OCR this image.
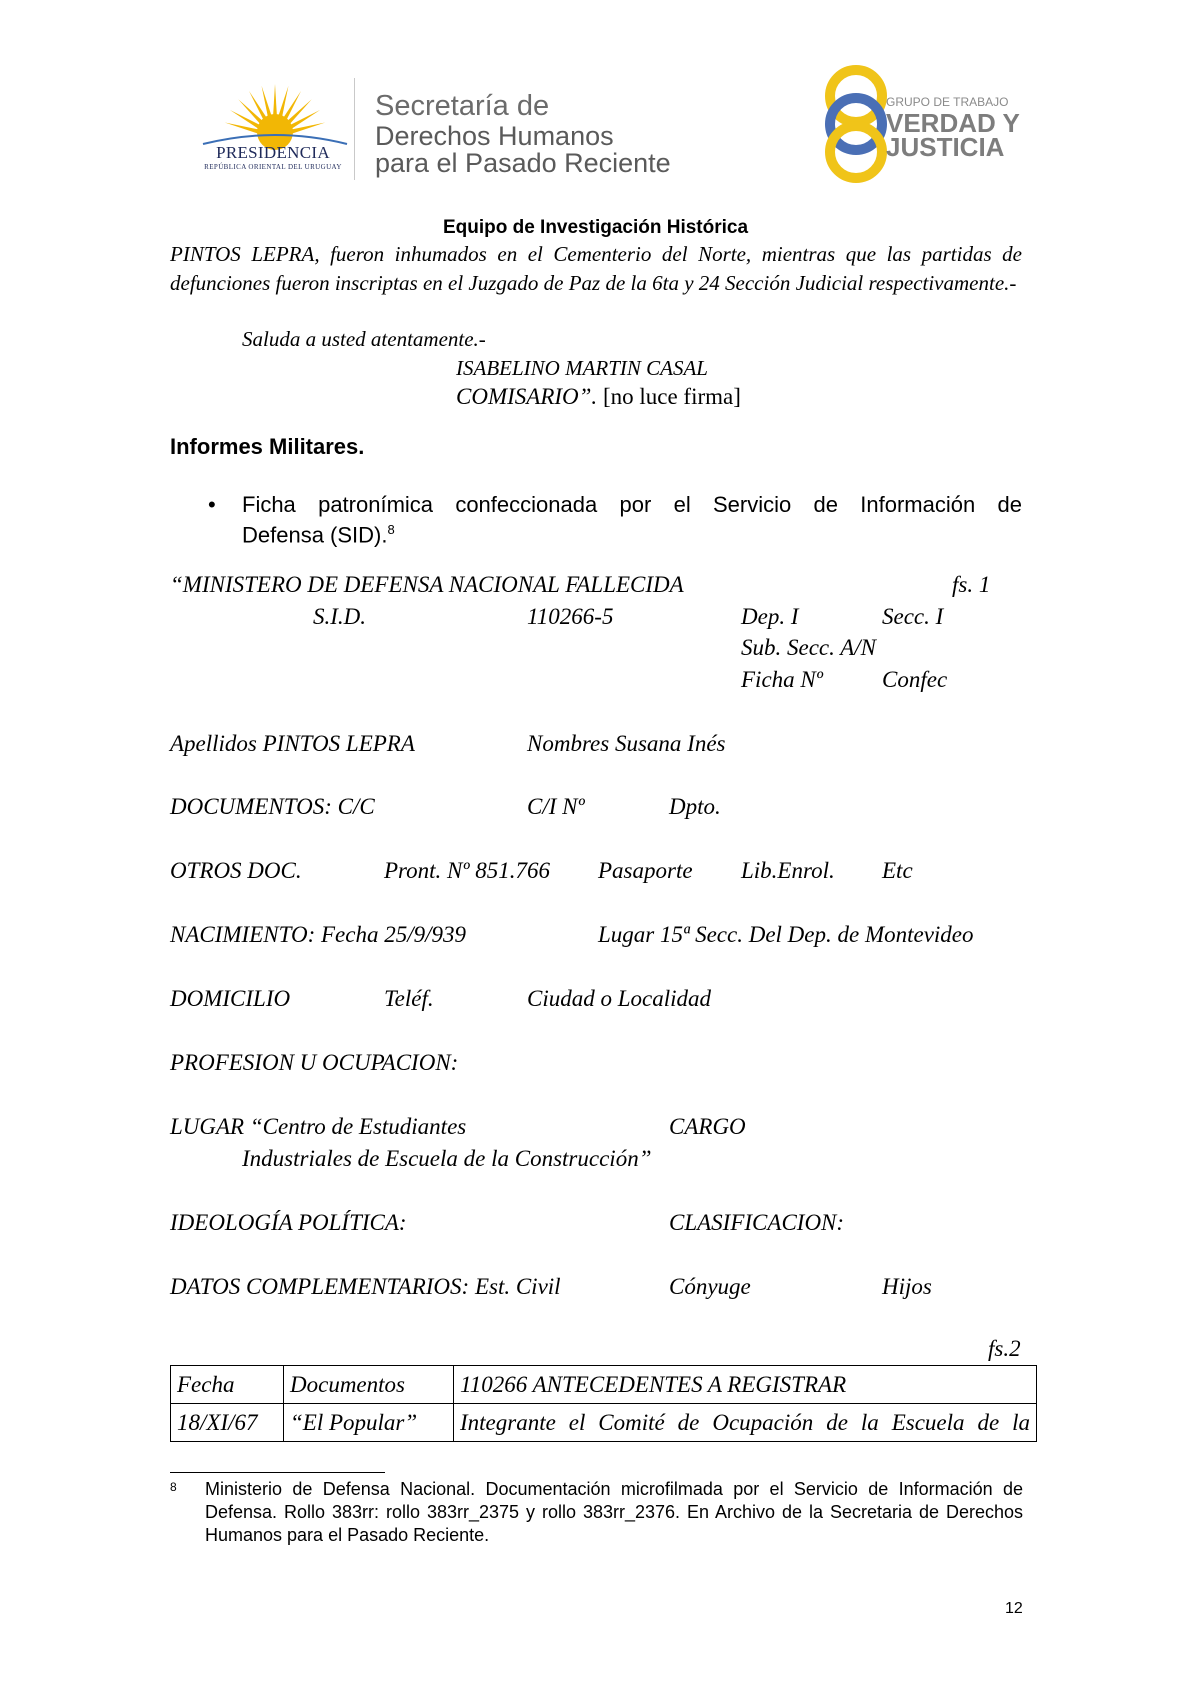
PRESIDENCIA
REPÚBLICA ORIENTAL DEL URUGUAY
Secretaría de
Derechos Humanos
para el Pasado Reciente
GRUPO DE TRABAJO
VERDAD Y
JUSTICIA
Equipo de Investigación Histórica
PINTOS LEPRA, fueron inhumados en el Cementerio del Norte, mientras que las partidas de defunciones fueron inscriptas en el Juzgado de Paz de la 6ta y 24 Sección Judicial respectivamente.-
Saluda a usted atentamente.-
ISABELINO MARTIN CASAL
COMISARIO”. [no luce firma]
Informes Militares.
• Ficha patronímica confeccionada por el Servicio de Información de
Defensa (SID).$^8$
“MINISTERO DE DEFENSA NACIONAL FALLECIDA	fs. 1
S.I.D.	110266-5	Dep. I	Secc. I
Sub. Secc. A/N
Ficha Nº	Confec
Apellidos PINTOS LEPRA	Nombres Susana Inés
DOCUMENTOS: C/C	C/I Nº	Dpto.
OTROS DOC.	Pront. Nº 851.766 Pasaporte Lib.Enrol. Etc
NACIMIENTO: Fecha 25/9/939	Lugar 15ª Secc. Del Dep. de Montevideo
DOMICILIO	Teléf.	Ciudad o Localidad
PROFESION U OCUPACION:
LUGAR “Centro de Estudiantes	CARGO
Industriales de Escuela de la Construcción”
IDEOLOGÍA POLÍTICA:	CLASIFICACION:
DATOS COMPLEMENTARIOS: Est. Civil	Cónyuge	Hijos
fs.2
Fecha	Documentos	110266 ANTECEDENTES A REGISTRAR
18/XI/67	“El Popular”	Integrante el Comité de Ocupación de la Escuela de la
8 Ministerio de Defensa Nacional. Documentación microfilmada por el Servicio de Información de Defensa. Rollo 383rr: rollo 383rr_2375 y rollo 383rr_2376. En Archivo de la Secretaria de Derechos Humanos para el Pasado Reciente.
12
